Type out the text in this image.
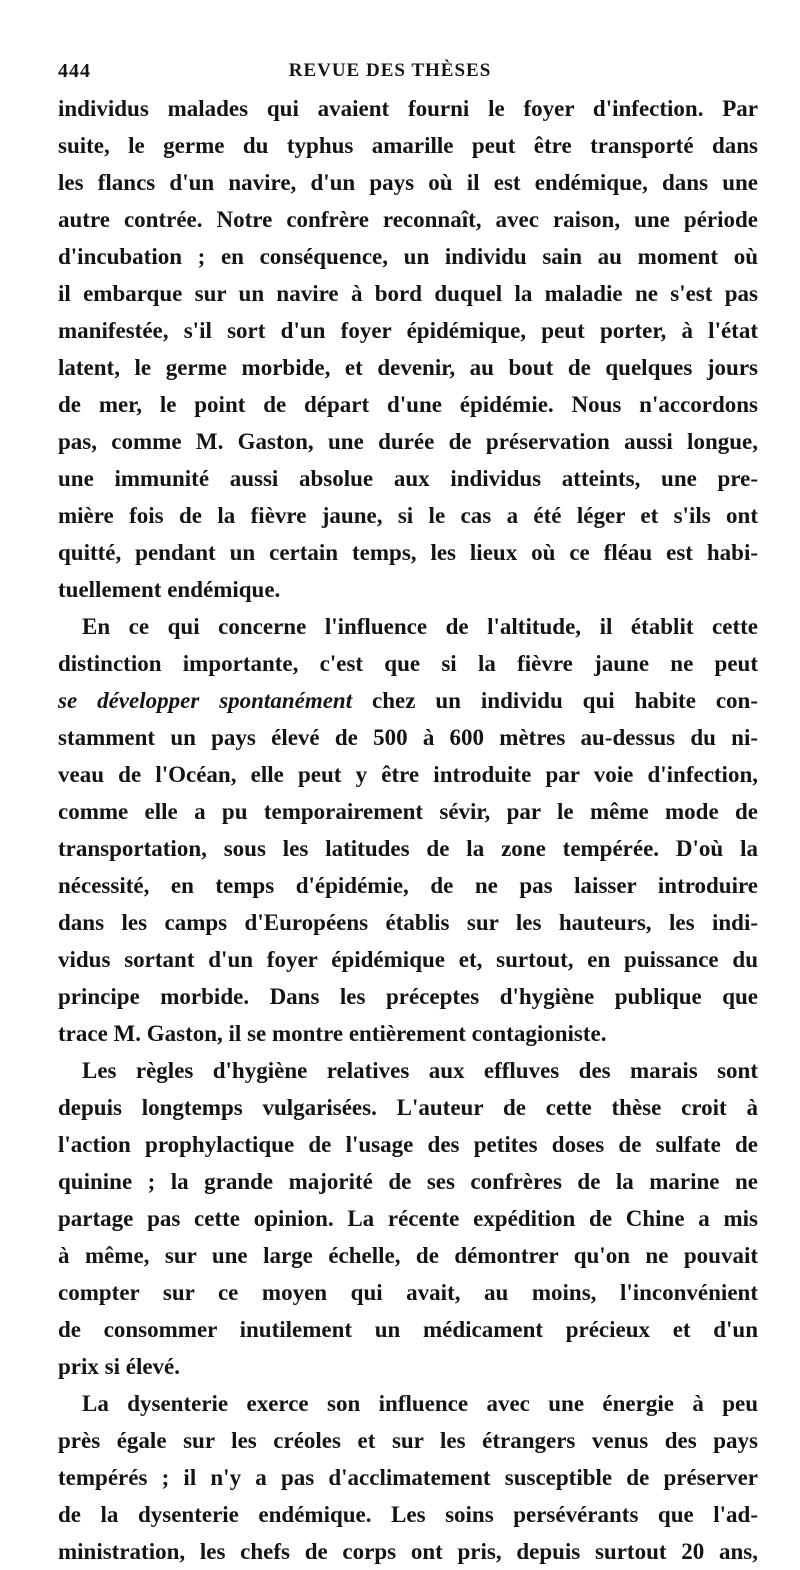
444	REVUE DES THÈSES
individus malades qui avaient fourni le foyer d'infection. Par
suite, le germe du typhus amarille peut être transporté dans
les flancs d'un navire, d'un pays où il est endémique, dans une
autre contrée. Notre confrère reconnaît, avec raison, une période
d'incubation ; en conséquence, un individu sain au moment où
il embarque sur un navire à bord duquel la maladie ne s'est pas
manifestée, s'il sort d'un foyer épidémique, peut porter, à l'état
latent, le germe morbide, et devenir, au bout de quelques jours
de mer, le point de départ d'une épidémie. Nous n'accordons
pas, comme M. Gaston, une durée de préservation aussi longue,
une immunité aussi absolue aux individus atteints, une pre-
mière fois de la fièvre jaune, si le cas a été léger et s'ils ont
quitté, pendant un certain temps, les lieux où ce fléau est habi-
tuellement endémique.
En ce qui concerne l'influence de l'altitude, il établit cette
distinction importante, c'est que si la fièvre jaune ne peut
se développer spontanément chez un individu qui habite con-
stamment un pays élevé de 500 à 600 mètres au-dessus du ni-
veau de l'Océan, elle peut y être introduite par voie d'infection,
comme elle a pu temporairement sévir, par le même mode de
transportation, sous les latitudes de la zone tempérée. D'où la
nécessité, en temps d'épidémie, de ne pas laisser introduire
dans les camps d'Européens établis sur les hauteurs, les indi-
vidus sortant d'un foyer épidémique et, surtout, en puissance du
principe morbide. Dans les préceptes d'hygiène publique que
trace M. Gaston, il se montre entièrement contagioniste.
Les règles d'hygiène relatives aux effluves des marais sont
depuis longtemps vulgarisées. L'auteur de cette thèse croit à
l'action prophylactique de l'usage des petites doses de sulfate de
quinine ; la grande majorité de ses confrères de la marine ne
partage pas cette opinion. La récente expédition de Chine a mis
à même, sur une large échelle, de démontrer qu'on ne pouvait
compter sur ce moyen qui avait, au moins, l'inconvénient
de consommer inutilement un médicament précieux et d'un
prix si élevé.
La dysenterie exerce son influence avec une énergie à peu
près égale sur les créoles et sur les étrangers venus des pays
tempérés ; il n'y a pas d'acclimatement susceptible de préserver
de la dysenterie endémique. Les soins persévérants que l'ad-
ministration, les chefs de corps ont pris, depuis surtout 20 ans,
